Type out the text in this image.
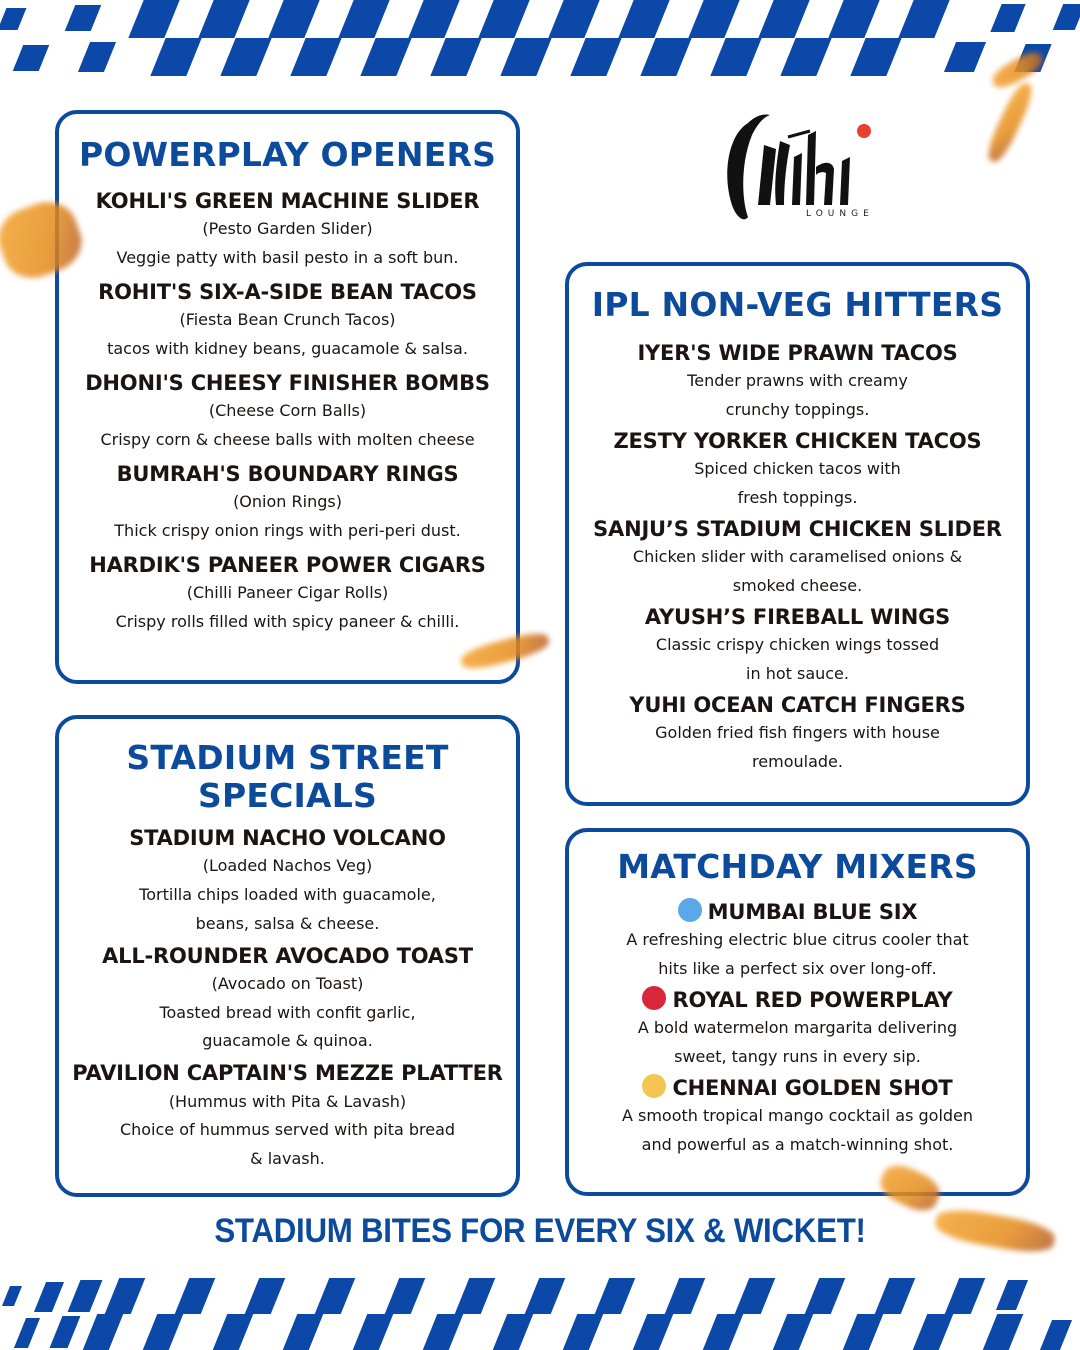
LOUNGE
POWERPLAY OPENERS
KOHLI'S GREEN MACHINE SLIDER
(Pesto Garden Slider)
Veggie patty with basil pesto in a soft bun.
ROHIT'S SIX-A-SIDE BEAN TACOS
(Fiesta Bean Crunch Tacos)
tacos with kidney beans, guacamole & salsa.
DHONI'S CHEESY FINISHER BOMBS
(Cheese Corn Balls)
Crispy corn & cheese balls with molten cheese
BUMRAH'S BOUNDARY RINGS
(Onion Rings)
Thick crispy onion rings with peri-peri dust.
HARDIK'S PANEER POWER CIGARS
(Chilli Paneer Cigar Rolls)
Crispy rolls filled with spicy paneer & chilli.
IPL NON-VEG HITTERS
IYER'S WIDE PRAWN TACOS
Tender prawns with creamy
crunchy toppings.
ZESTY YORKER CHICKEN TACOS
Spiced chicken tacos with
fresh toppings.
SANJU’S STADIUM CHICKEN SLIDER
Chicken slider with caramelised onions &
smoked cheese.
AYUSH’S FIREBALL WINGS
Classic crispy chicken wings tossed
in hot sauce.
YUHI OCEAN CATCH FINGERS
Golden fried fish fingers with house
remoulade.
STADIUM STREET
SPECIALS
STADIUM NACHO VOLCANO
(Loaded Nachos Veg)
Tortilla chips loaded with guacamole,
beans, salsa & cheese.
ALL-ROUNDER AVOCADO TOAST
(Avocado on Toast)
Toasted bread with confit garlic,
guacamole & quinoa.
PAVILION CAPTAIN'S MEZZE PLATTER
(Hummus with Pita & Lavash)
Choice of hummus served with pita bread
& lavash.
MATCHDAY MIXERS
MUMBAI BLUE SIX
A refreshing electric blue citrus cooler that
hits like a perfect six over long-off.
ROYAL RED POWERPLAY
A bold watermelon margarita delivering
sweet, tangy runs in every sip.
CHENNAI GOLDEN SHOT
A smooth tropical mango cocktail as golden
and powerful as a match-winning shot.
STADIUM BITES FOR EVERY SIX & WICKET!
